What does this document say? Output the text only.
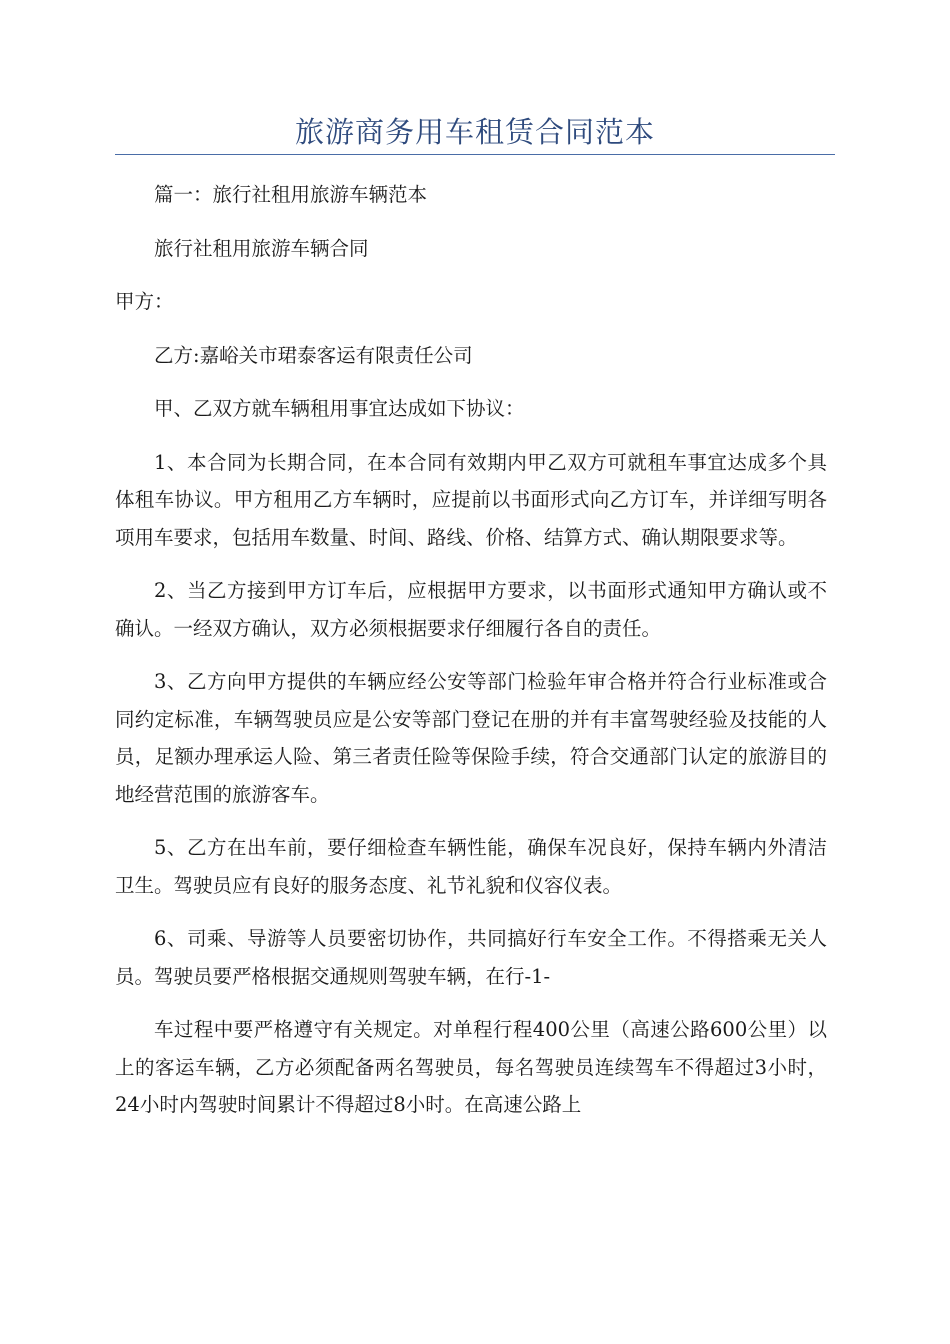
旅游商务用车租赁合同范本

篇一：旅行社租用旅游车辆范本

旅行社租用旅游车辆合同

甲方：

乙方:嘉峪关市珺泰客运有限责任公司

甲、乙双方就车辆租用事宜达成如下协议：

1、本合同为长期合同，在本合同有效期内甲乙双方可就租车事宜达成多个具体租车协议。甲方租用乙方车辆时，应提前以书面形式向乙方订车，并详细写明各项用车要求，包括用车数量、时间、路线、价格、结算方式、确认期限要求等。

2、当乙方接到甲方订车后，应根据甲方要求，以书面形式通知甲方确认或不确认。一经双方确认，双方必须根据要求仔细履行各自的责任。

3、乙方向甲方提供的车辆应经公安等部门检验年审合格并符合行业标准或合同约定标准，车辆驾驶员应是公安等部门登记在册的并有丰富驾驶经验及技能的人员，足额办理承运人险、第三者责任险等保险手续，符合交通部门认定的旅游目的地经营范围的旅游客车。

5、乙方在出车前，要仔细检查车辆性能，确保车况良好，保持车辆内外清洁卫生。驾驶员应有良好的服务态度、礼节礼貌和仪容仪表。

6、司乘、导游等人员要密切协作，共同搞好行车安全工作。不得搭乘无关人员。驾驶员要严格根据交通规则驾驶车辆，在行-1-

车过程中要严格遵守有关规定。对单程行程400公里（高速公路600公里）以上的客运车辆，乙方必须配备两名驾驶员，每名驾驶员连续驾车不得超过3小时，24小时内驾驶时间累计不得超过8小时。在高速公路上
